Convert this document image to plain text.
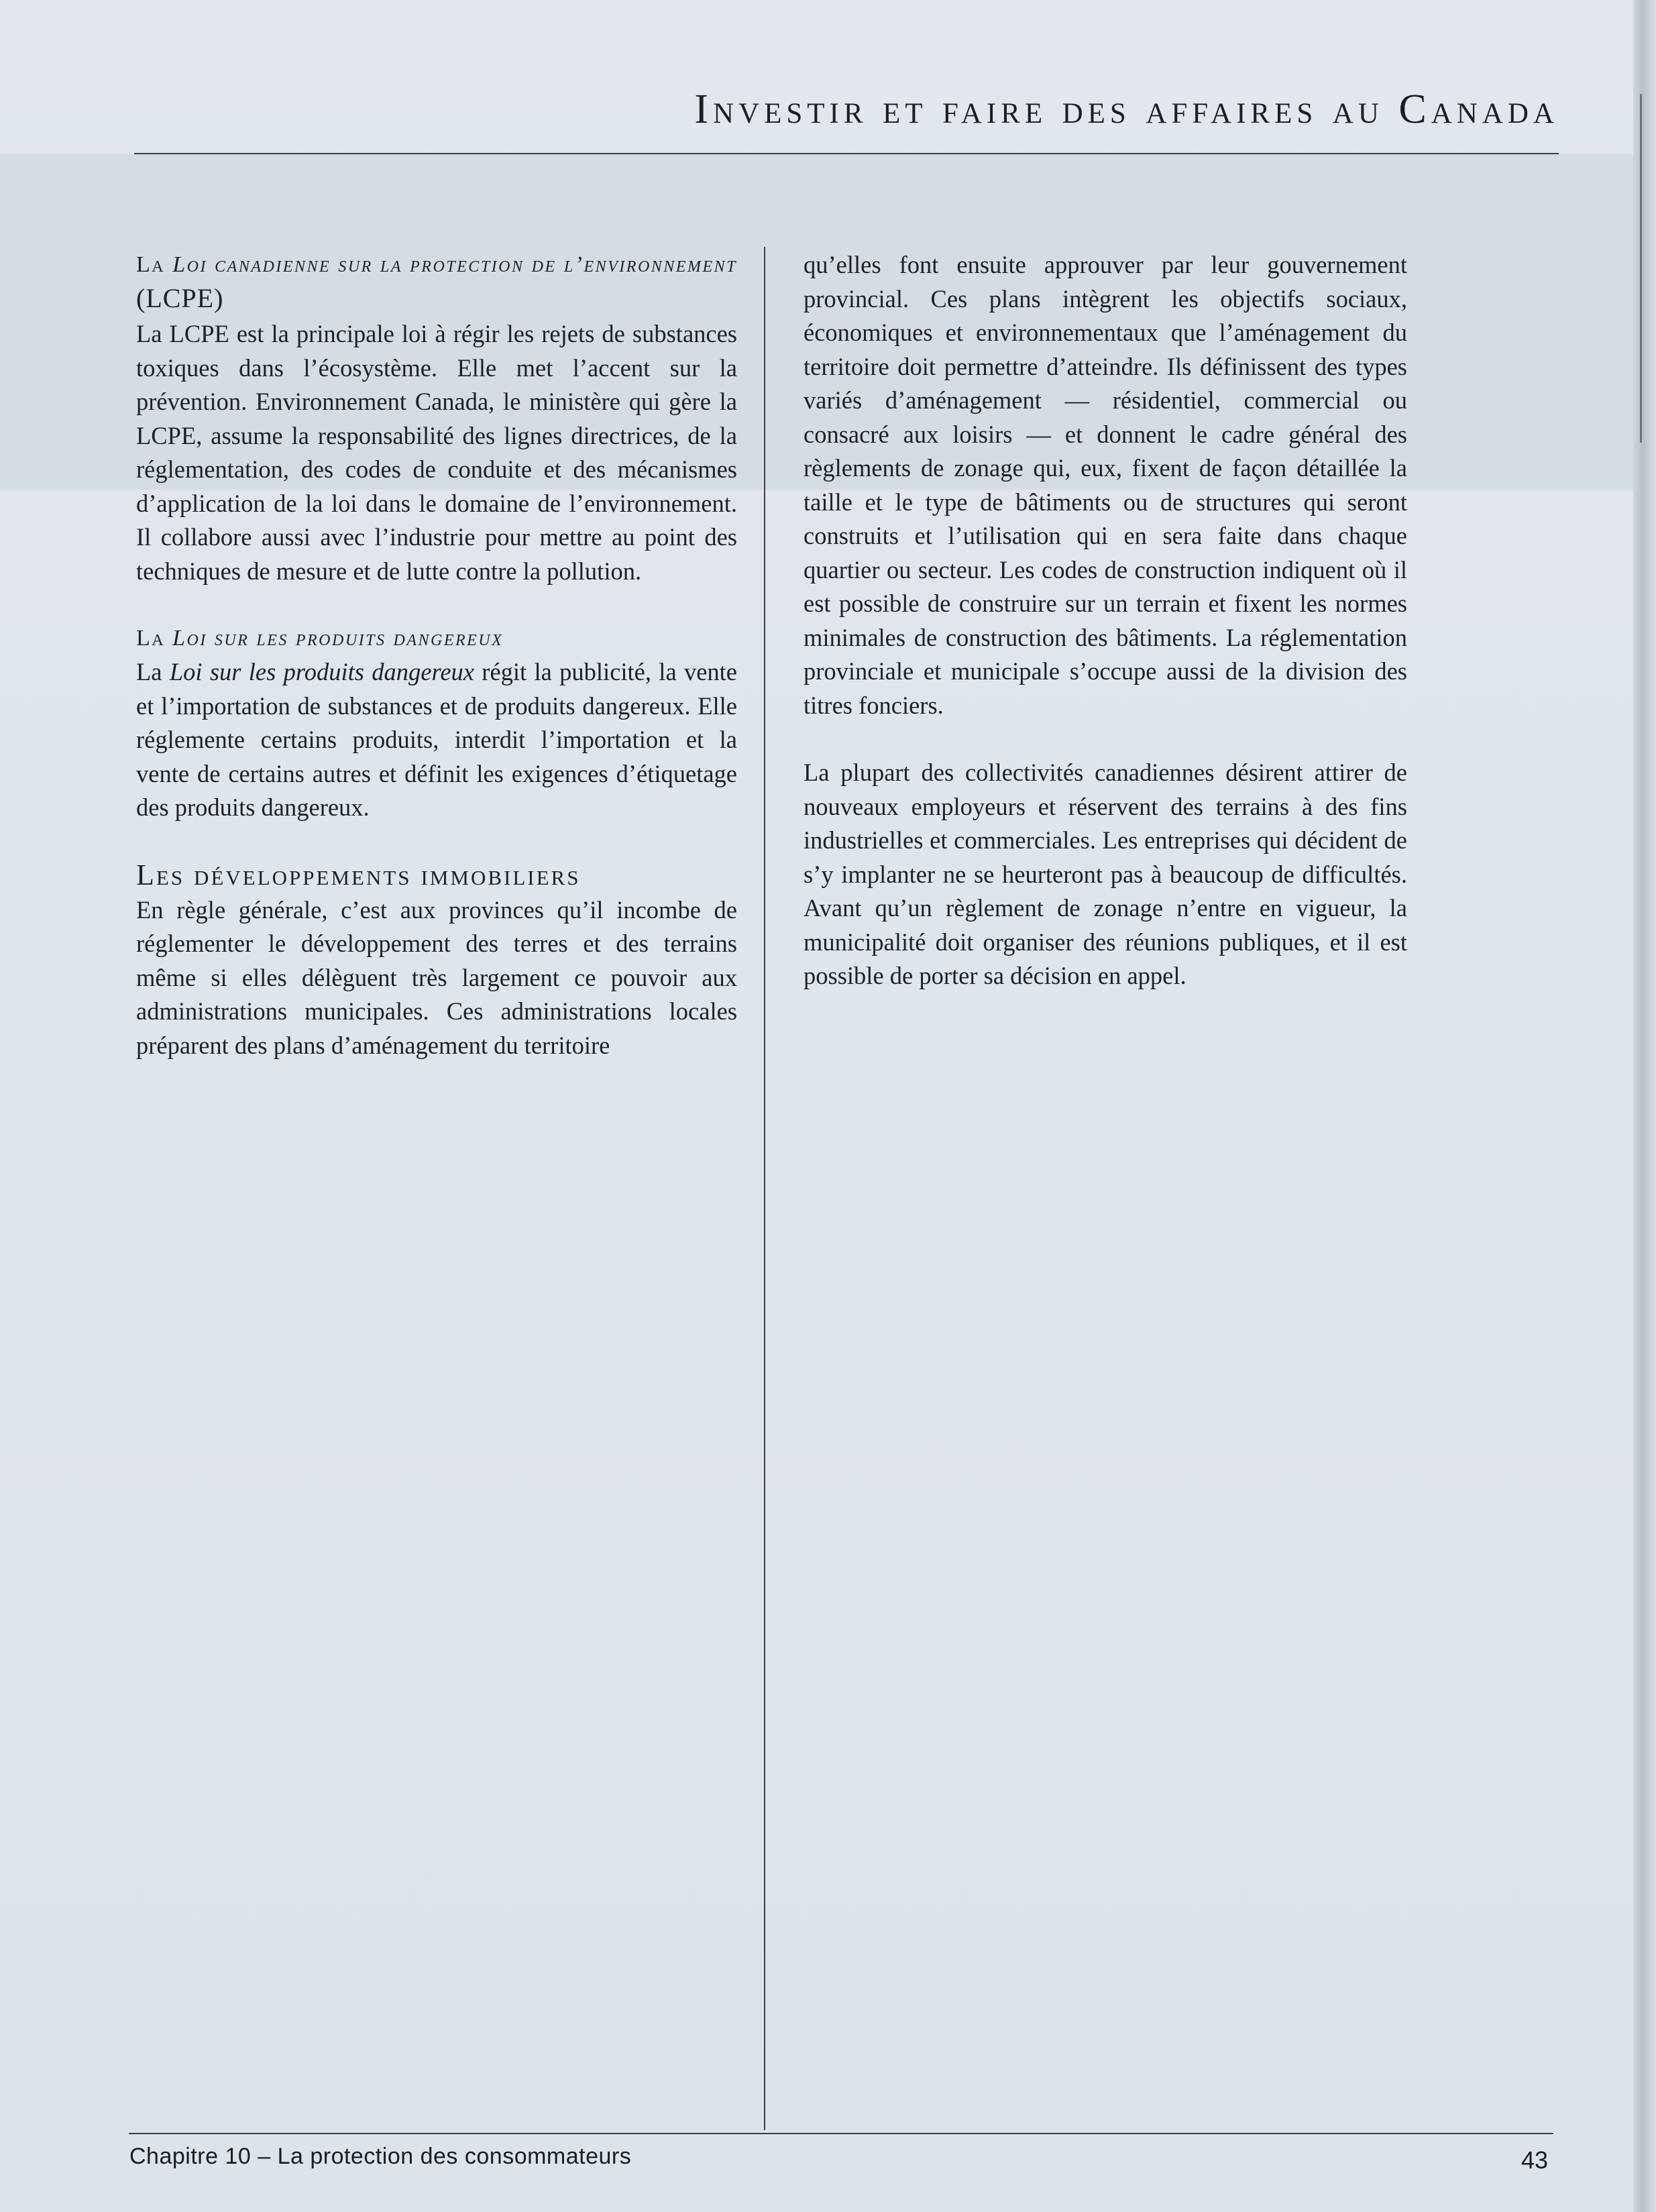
Investir et faire des affaires au Canada
La Loi canadienne sur la protection de l’environnement (LCPE)

La LCPE est la principale loi à régir les rejets de substances toxiques dans l’écosystème. Elle met l’accent sur la prévention. Environnement Canada, le ministère qui gère la LCPE, assume la responsabilité des lignes directrices, de la réglementation, des codes de conduite et des mécanismes d’application de la loi dans le domaine de l’environnement. Il collabore aussi avec l’industrie pour mettre au point des techniques de mesure et de lutte contre la pollution.

La Loi sur les produits dangereux

La Loi sur les produits dangereux régit la publicité, la vente et l’importation de substances et de produits dangereux. Elle réglemente certains produits, interdit l’importation et la vente de certains autres et définit les exigences d’étiquetage des produits dangereux.

Les développements immobiliers

En règle générale, c’est aux provinces qu’il incombe de réglementer le développement des terres et des terrains même si elles délèguent très largement ce pouvoir aux administrations municipales. Ces administrations locales préparent des plans d’aménagement du territoire

qu’elles font ensuite approuver par leur gouvernement provincial. Ces plans intègrent les objectifs sociaux, économiques et environnementaux que l’aménagement du territoire doit permettre d’atteindre. Ils définissent des types variés d’aménagement — résidentiel, commercial ou consacré aux loisirs — et donnent le cadre général des règlements de zonage qui, eux, fixent de façon détaillée la taille et le type de bâtiments ou de structures qui seront construits et l’utilisation qui en sera faite dans chaque quartier ou secteur. Les codes de construction indiquent où il est possible de construire sur un terrain et fixent les normes minimales de construction des bâtiments. La réglementation provinciale et municipale s’occupe aussi de la division des titres fonciers.

La plupart des collectivités canadiennes désirent attirer de nouveaux employeurs et réservent des terrains à des fins industrielles et commerciales. Les entreprises qui décident de s’y implanter ne se heurteront pas à beaucoup de difficultés. Avant qu’un règlement de zonage n’entre en vigueur, la municipalité doit organiser des réunions publiques, et il est possible de porter sa décision en appel.

Chapitre 10 – La protection des consommateurs	43
